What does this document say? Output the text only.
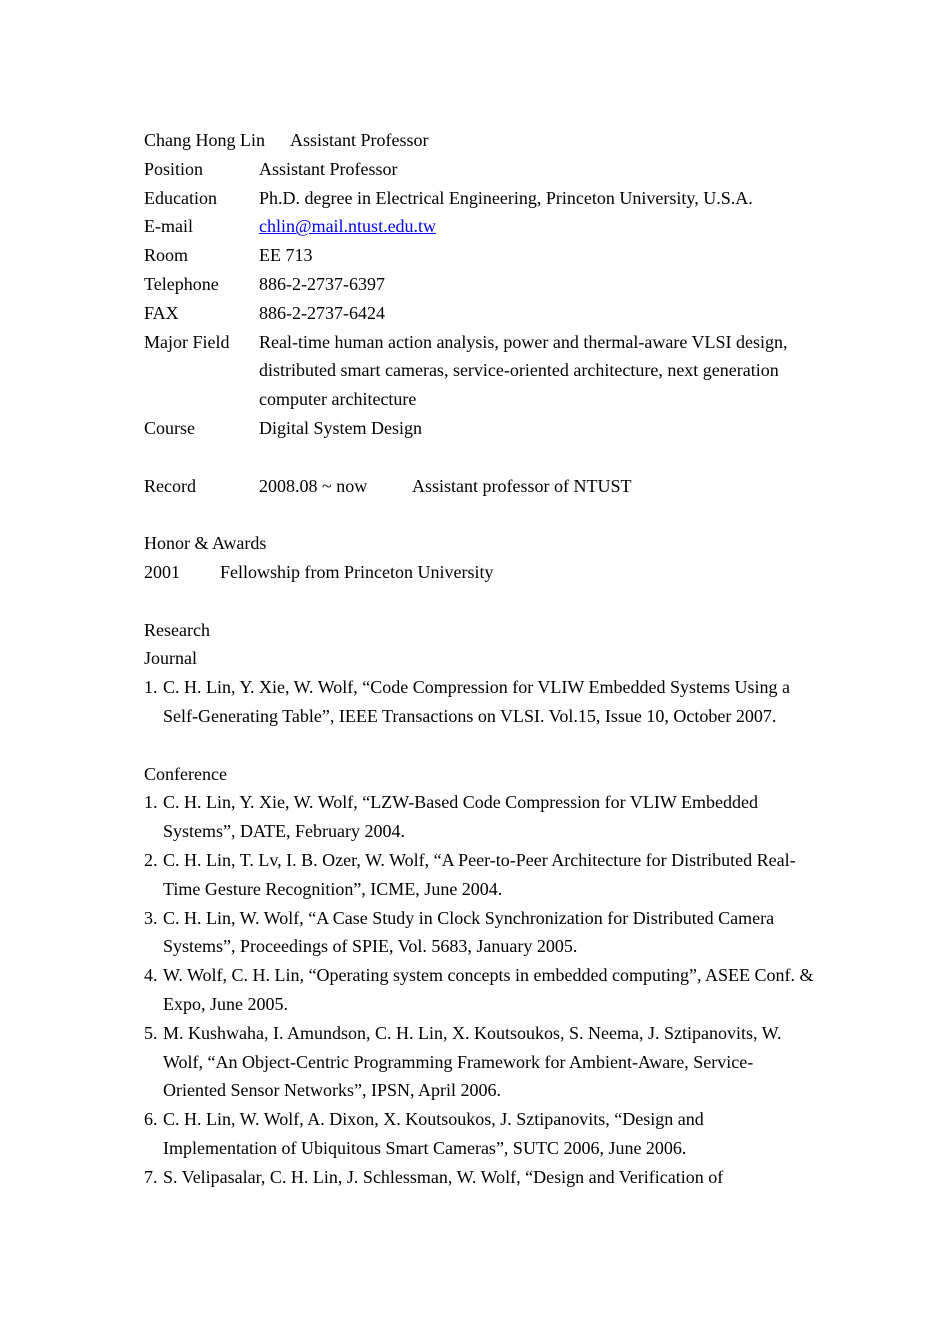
Chang Hong Lin Assistant Professor
Position	Assistant Professor
Education	Ph.D. degree in Electrical Engineering, Princeton University, U.S.A.
E-mail	chlin@mail.ntust.edu.tw
Room	EE 713
Telephone	886-2-2737-6397
FAX	886-2-2737-6424
Major Field	Real-time human action analysis, power and thermal-aware VLSI design, distributed smart cameras, service-oriented architecture, next generation computer architecture
Course	Digital System Design
Record	2008.08 ~ now Assistant professor of NTUST
Honor & Awards
2001 Fellowship from Princeton University
Research
Journal
1. C. H. Lin, Y. Xie, W. Wolf, “Code Compression for VLIW Embedded Systems Using a Self-Generating Table”, IEEE Transactions on VLSI. Vol.15, Issue 10, October 2007.
Conference
1. C. H. Lin, Y. Xie, W. Wolf, “LZW-Based Code Compression for VLIW Embedded Systems”, DATE, February 2004.
2. C. H. Lin, T. Lv, I. B. Ozer, W. Wolf, “A Peer-to-Peer Architecture for Distributed Real-Time Gesture Recognition”, ICME, June 2004.
3. C. H. Lin, W. Wolf, “A Case Study in Clock Synchronization for Distributed Camera Systems”, Proceedings of SPIE, Vol. 5683, January 2005.
4. W. Wolf, C. H. Lin, “Operating system concepts in embedded computing”, ASEE Conf. & Expo, June 2005.
5. M. Kushwaha, I. Amundson, C. H. Lin, X. Koutsoukos, S. Neema, J. Sztipanovits, W. Wolf, “An Object-Centric Programming Framework for Ambient-Aware, Service-Oriented Sensor Networks”, IPSN, April 2006.
6. C. H. Lin, W. Wolf, A. Dixon, X. Koutsoukos, J. Sztipanovits, “Design and Implementation of Ubiquitous Smart Cameras”, SUTC 2006, June 2006.
7. S. Velipasalar, C. H. Lin, J. Schlessman, W. Wolf, “Design and Verification of
